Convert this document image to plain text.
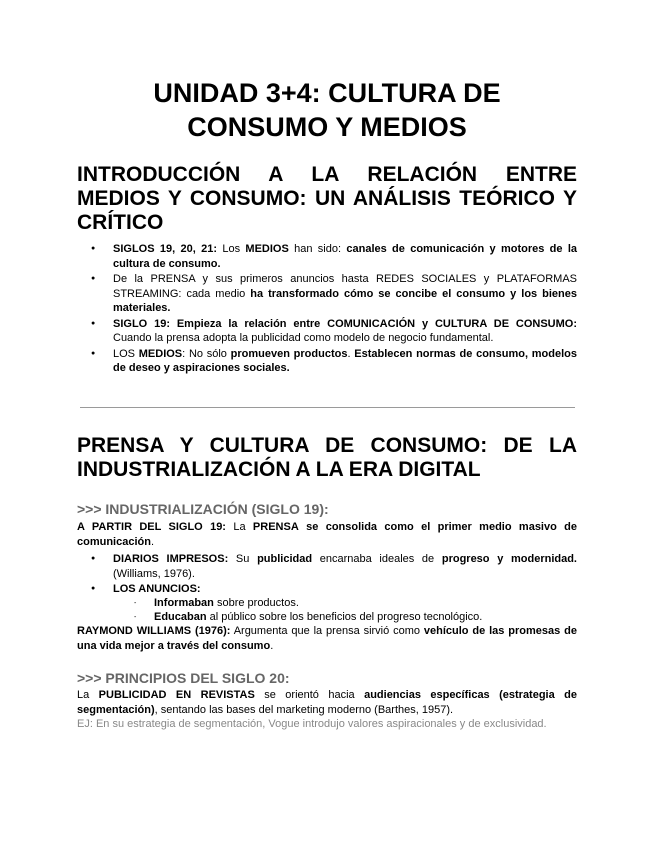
UNIDAD 3+4: CULTURA DE
CONSUMO Y MEDIOS
INTRODUCCIÓN A LA RELACIÓN ENTRE
MEDIOS Y CONSUMO: UN ANÁLISIS TEÓRICO Y
CRÍTICO
● SIGLOS 19, 20, 21: Los MEDIOS han sido: canales de comunicación y motores de la cultura de consumo.
● De la PRENSA y sus primeros anuncios hasta REDES SOCIALES y PLATAFORMAS STREAMING: cada medio ha transformado cómo se concibe el consumo y los bienes materiales.
● SIGLO 19: Empieza la relación entre COMUNICACIÓN y CULTURA DE CONSUMO: Cuando la prensa adopta la publicidad como modelo de negocio fundamental.
● LOS MEDIOS: No sólo promueven productos. Establecen normas de consumo, modelos de deseo y aspiraciones sociales.
PRENSA Y CULTURA DE CONSUMO: DE LA
INDUSTRIALIZACIÓN A LA ERA DIGITAL
>>> INDUSTRIALIZACIÓN (SIGLO 19):
A PARTIR DEL SIGLO 19: La PRENSA se consolida como el primer medio masivo de comunicación.
● DIARIOS IMPRESOS: Su publicidad encarnaba ideales de progreso y modernidad. (Williams, 1976).
● LOS ANUNCIOS:
- Informaban sobre productos.
- Educaban al público sobre los beneficios del progreso tecnológico.
RAYMOND WILLIAMS (1976): Argumenta que la prensa sirvió como vehículo de las promesas de una vida mejor a través del consumo.
>>> PRINCIPIOS DEL SIGLO 20:
La PUBLICIDAD EN REVISTAS se orientó hacia audiencias específicas (estrategia de segmentación), sentando las bases del marketing moderno (Barthes, 1957).
EJ: En su estrategia de segmentación, Vogue introdujo valores aspiracionales y de exclusividad.
